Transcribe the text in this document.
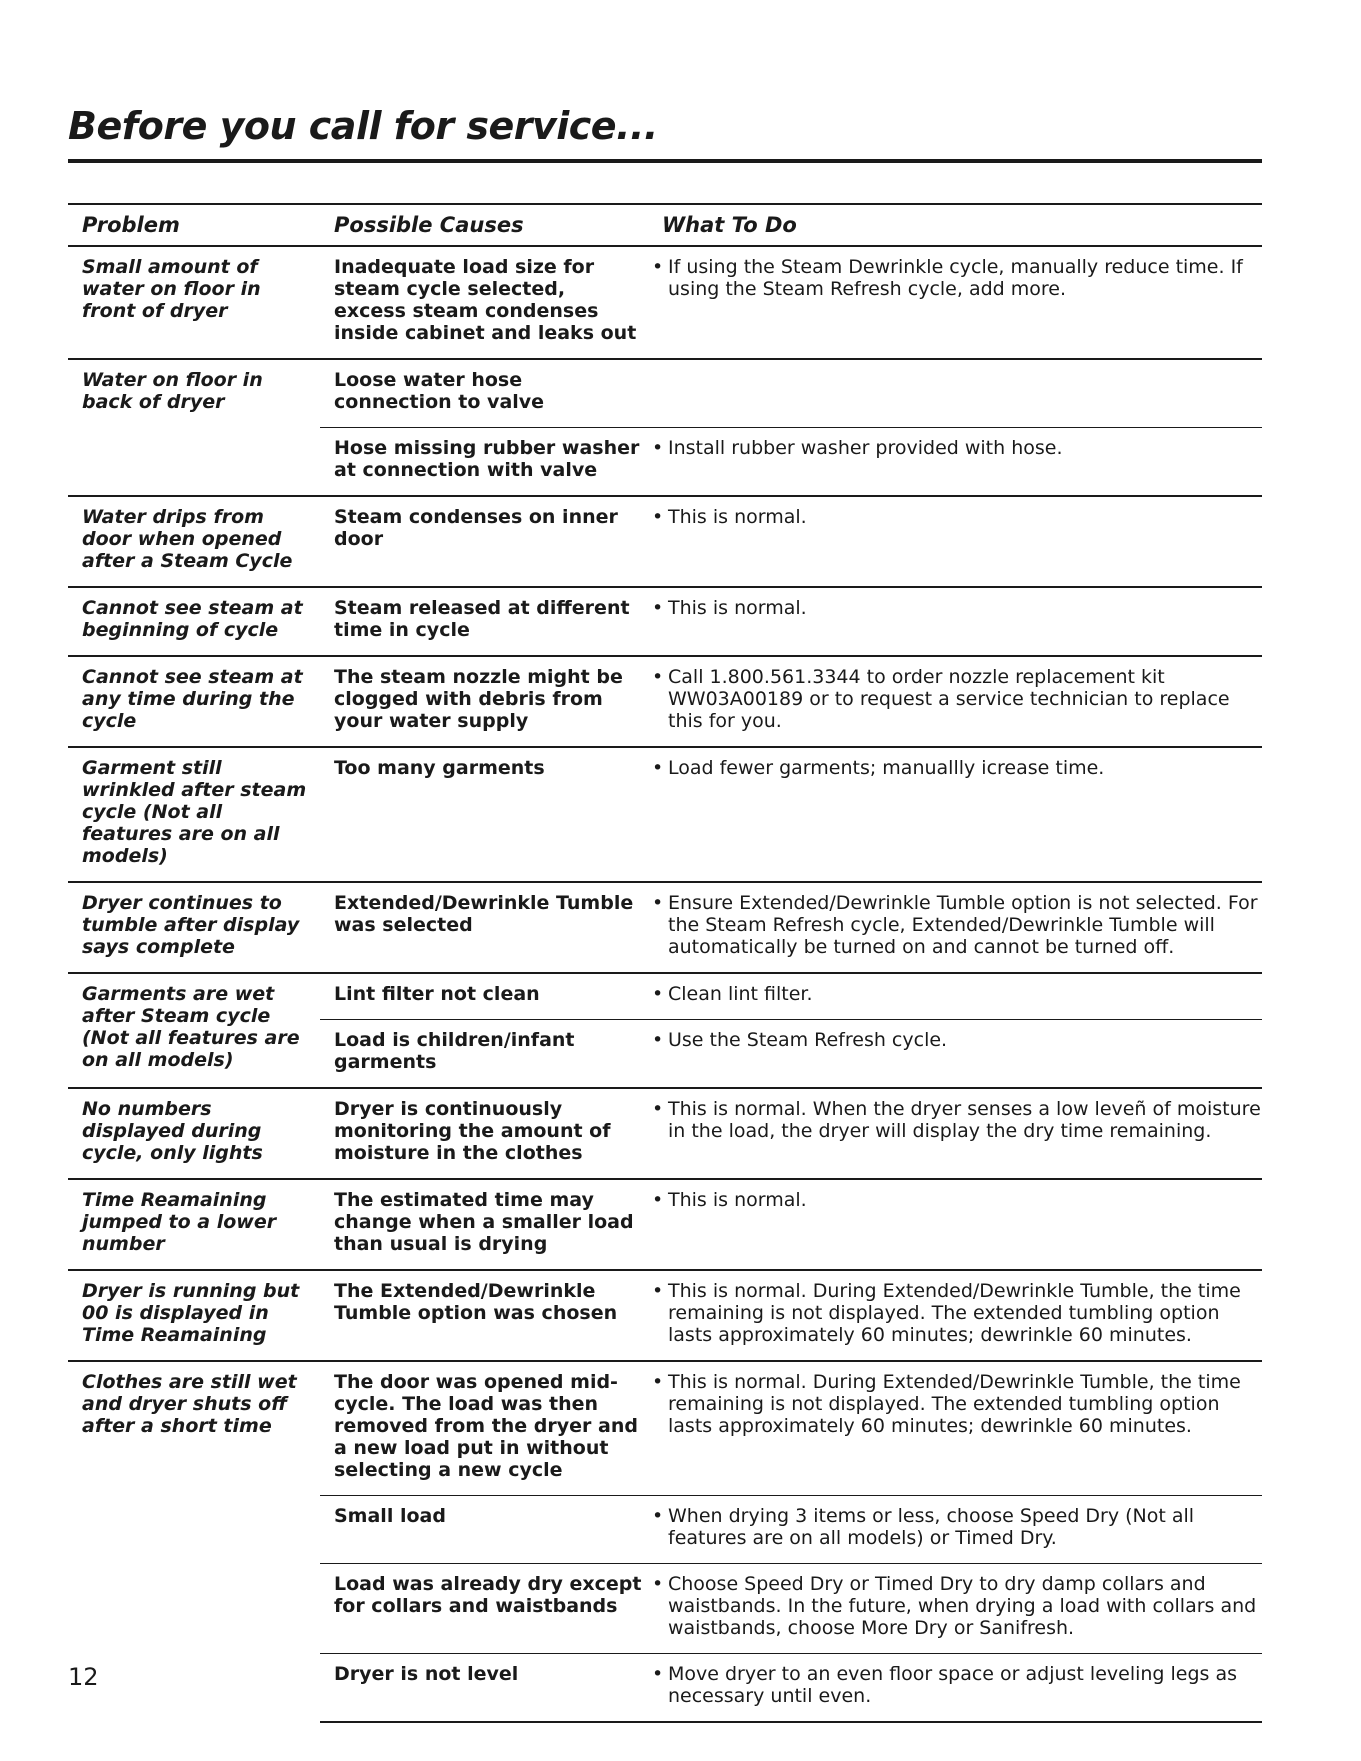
Before you call for service...
Problem	Possible Causes	What To Do
Small amount of water on floor in front of dryer	Inadequate load size for steam cycle selected, excess steam condenses inside cabinet and leaks out	• If using the Steam Dewrinkle cycle, manually reduce time. If using the Steam Refresh cycle, add more.

Water on floor in back of dryer	Loose water hose connection to valve	
	Hose missing rubber washer at connection with valve	• Install rubber washer provided with hose.

Water drips from door when opened after a Steam Cycle	Steam condenses on inner door	• This is normal.

Cannot see steam at beginning of cycle	Steam released at different time in cycle	• This is normal.

Cannot see steam at any time during the cycle	The steam nozzle might be clogged with debris from your water supply	• Call 1.800.561.3344 to order nozzle replacement kit WW03A00189 or to request a service technician to replace this for you.

Garment still wrinkled after steam cycle (Not all features are on all models)	Too many garments	• Load fewer garments; manuallly icrease time.

Dryer continues to tumble after display says complete	Extended/Dewrinkle Tumble was selected	• Ensure Extended/Dewrinkle Tumble option is not selected. For the Steam Refresh cycle, Extended/Dewrinkle Tumble will automatically be turned on and cannot be turned off.

Garments are wet after Steam cycle (Not all features are on all models)	Lint filter not clean	• Clean lint filter.

	Load is children/infant garments	• Use the Steam Refresh cycle.

No numbers displayed during cycle, only lights	Dryer is continuously monitoring the amount of moisture in the clothes	• This is normal. When the dryer senses a low leveñ of moisture in the load, the dryer will display the dry time remaining.

Time Reamaining jumped to a lower number	The estimated time may change when a smaller load than usual is drying	• This is normal.

Dryer is running but 00 is displayed in Time Reamaining	The Extended/Dewrinkle Tumble option was chosen	• This is normal. During Extended/Dewrinkle Tumble, the time remaining is not displayed. The extended tumbling option lasts approximately 60 minutes; dewrinkle 60 minutes.

Clothes are still wet and dryer shuts off after a short time	The door was opened mid-cycle. The load was then removed from the dryer and a new load put in without selecting a new cycle	• This is normal. During Extended/Dewrinkle Tumble, the time remaining is not displayed. The extended tumbling option lasts approximately 60 minutes; dewrinkle 60 minutes.

	Small load	• When drying 3 items or less, choose Speed Dry (Not all features are on all models) or Timed Dry.

	Load was already dry except for collars and waistbands	• Choose Speed Dry or Timed Dry to dry damp collars and waistbands. In the future, when drying a load with collars and waistbands, choose More Dry or Sanifresh.

	Dryer is not level	• Move dryer to an even floor space or adjust leveling legs as necessary until even.
12
